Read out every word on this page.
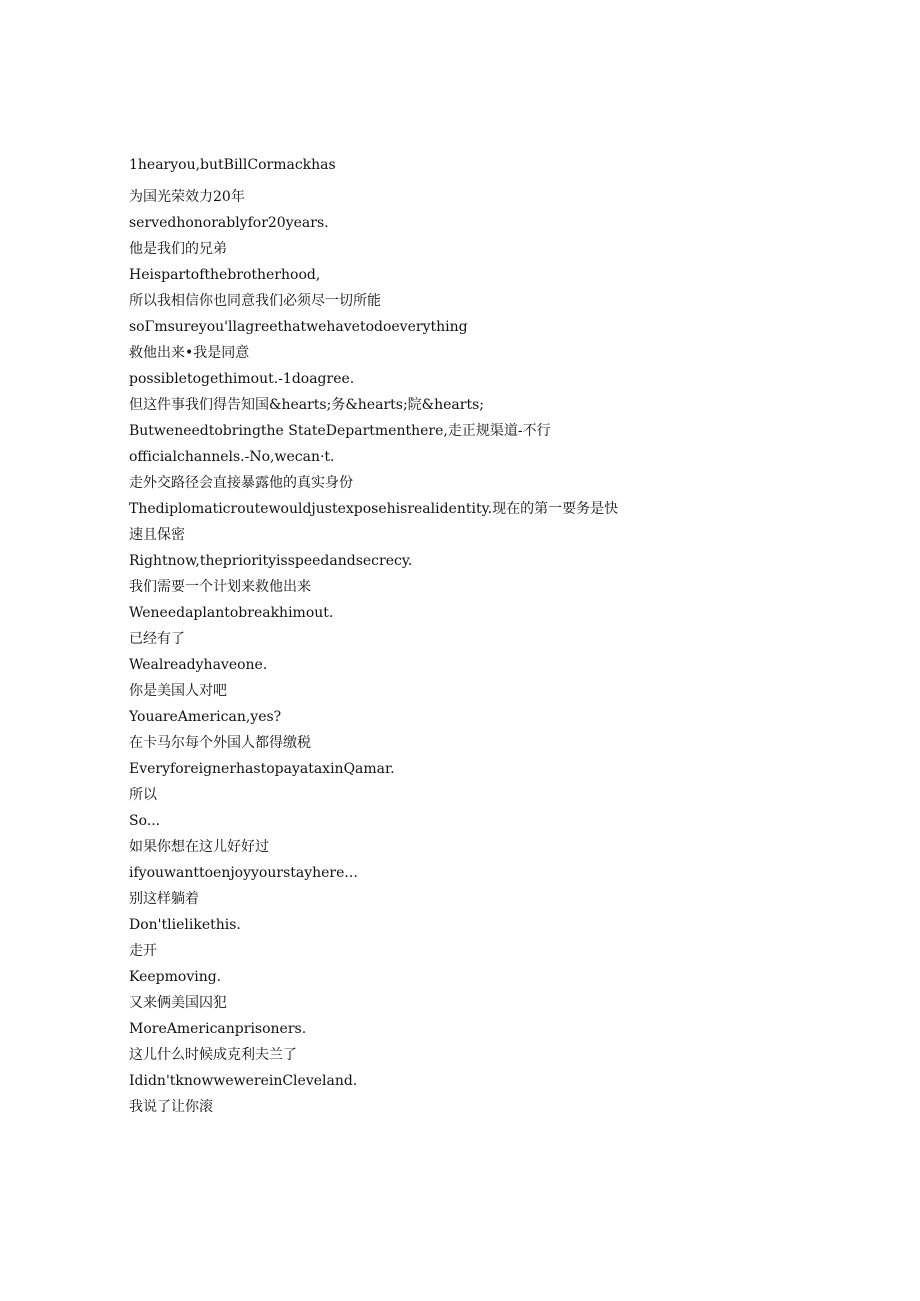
1hearyou,butBillCormackhas

为国光荣效力20年

servedhonorablyfor20years.

他是我们的兄弟

Heispartofthebrotherhood,

所以我相信你也同意我们必须尽一切所能

soΓmsureyou'llagreethatwehavetodoeverything

救他出来•我是同意

possibletogethimout.-1doagree.

但这件事我们得告知国&hearts;务&hearts;院&hearts;

Butweneedtobringthe StateDepartmenthere,走正规渠道-不行

officialchannels.-No,wecan·t.

走外交路径会直接暴露他的真实身份

Thediplomaticroutewouldjustexposehisrealidentity.现在的第一要务是快

速且保密

Rightnow,thepriorityisspeedandsecrecy.

我们需要一个计划来救他出来

Weneedaplantobreakhimout.

已经有了

Wealreadyhaveone.

你是美国人对吧

YouareAmerican,yes?

在卡马尔每个外国人都得缴税

EveryforeignerhastopayataxinQamar.

所以

So...

如果你想在这儿好好过

ifyouwanttoenjoyyourstayhere...

别这样躺着

Don'tlielikethis.

走开

Keepmoving.

又来俩美国囚犯

MoreAmericanprisoners.

这儿什么时候成克利夫兰了

Ididn'tknowwewereinCleveland.

我说了让你滚
